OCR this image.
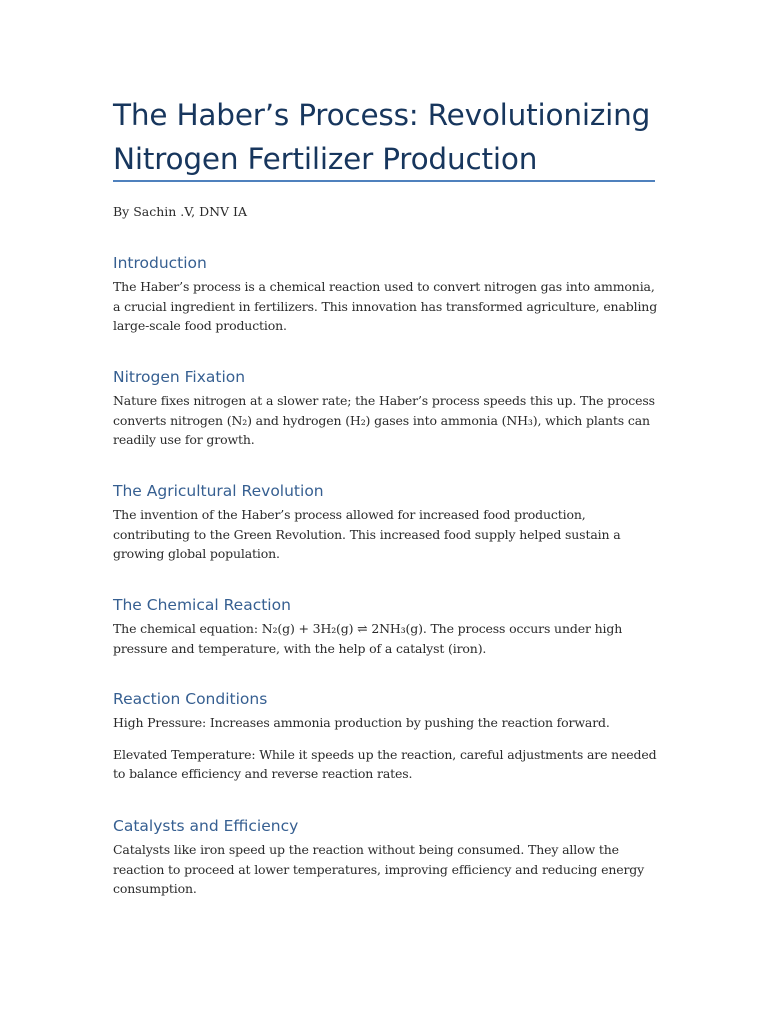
The Haber’s Process: Revolutionizing Nitrogen Fertilizer Production

By Sachin .V, DNV IA

Introduction

The Haber’s process is a chemical reaction used to convert nitrogen gas into ammonia, a crucial ingredient in fertilizers. This innovation has transformed agriculture, enabling large-scale food production.

Nitrogen Fixation

Nature fixes nitrogen at a slower rate; the Haber’s process speeds this up. The process converts nitrogen (N₂) and hydrogen (H₂) gases into ammonia (NH₃), which plants can readily use for growth.

The Agricultural Revolution

The invention of the Haber’s process allowed for increased food production, contributing to the Green Revolution. This increased food supply helped sustain a growing global population.

The Chemical Reaction

The chemical equation: N₂(g) + 3H₂(g) ⇌ 2NH₃(g). The process occurs under high pressure and temperature, with the help of a catalyst (iron).

Reaction Conditions

High Pressure: Increases ammonia production by pushing the reaction forward.

Elevated Temperature: While it speeds up the reaction, careful adjustments are needed to balance efficiency and reverse reaction rates.

Catalysts and Efficiency

Catalysts like iron speed up the reaction without being consumed. They allow the reaction to proceed at lower temperatures, improving efficiency and reducing energy consumption.
